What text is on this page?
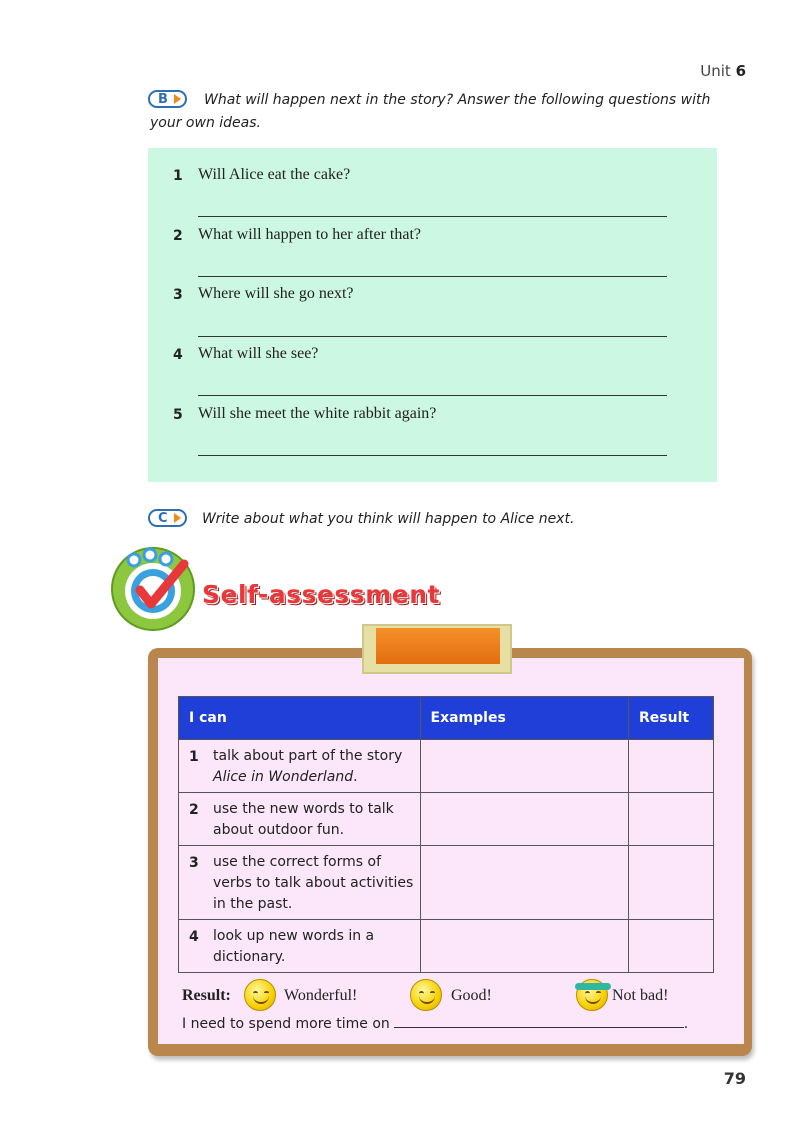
Unit 6
B	What will happen next in the story? Answer the following questions with
your own ideas.
1 Will Alice eat the cake?
2 What will happen to her after that?
3 Where will she go next?
4 What will she see?
5 Will she meet the white rabbit again?
C Write about what you think will happen to Alice next.
Self-assessment
I can	Examples	Result

1 talk about part of the story
Alice in Wonderland.		

2 use the new words to talk about outdoor fun.		

3 use the correct forms of verbs to talk about activities in the past.		

4 look up new words in a dictionary.		
Result:	Wonderful!	Good!	Not bad!
I need to spend more time on	.
79
